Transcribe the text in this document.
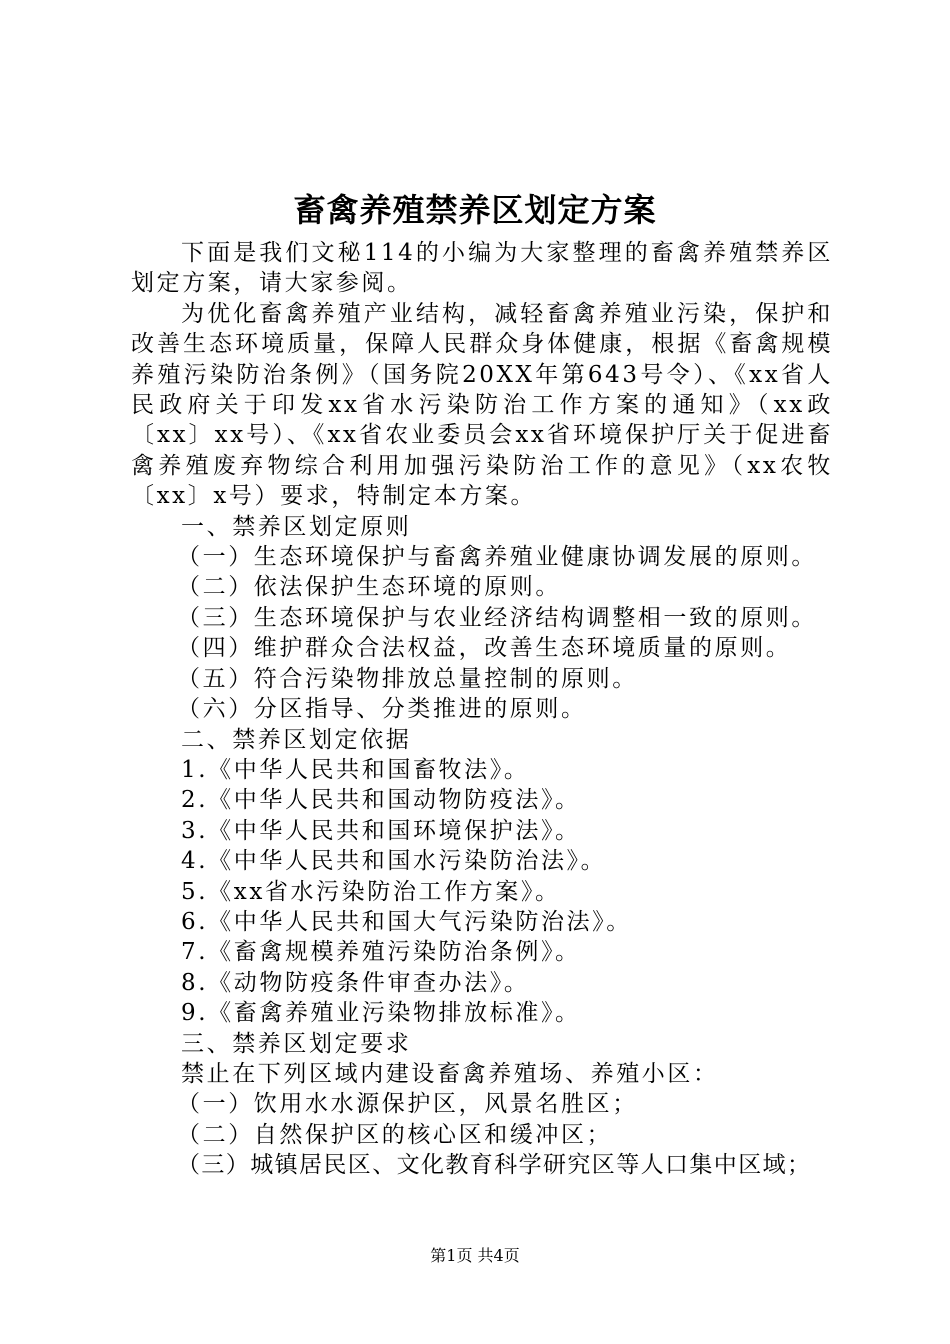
畜禽养殖禁养区划定方案

下面是我们文秘114的小编为大家整理的畜禽养殖禁养区划定方案，请大家参阅。

为优化畜禽养殖产业结构，减轻畜禽养殖业污染，保护和改善生态环境质量，保障人民群众身体健康，根据《畜禽规模养殖污染防治条例》（国务院20XX年第643号令）、《xx省人民政府关于印发xx省水污染防治工作方案的通知》（xx政〔xx〕xx号）、《xx省农业委员会xx省环境保护厅关于促进畜禽养殖废弃物综合利用加强污染防治工作的意见》（xx农牧〔xx〕x号）要求，特制定本方案。

一、禁养区划定原则

（一）生态环境保护与畜禽养殖业健康协调发展的原则。

（二）依法保护生态环境的原则。

（三）生态环境保护与农业经济结构调整相一致的原则。

（四）维护群众合法权益，改善生态环境质量的原则。

（五）符合污染物排放总量控制的原则。

（六）分区指导、分类推进的原则。

二、禁养区划定依据

1.《中华人民共和国畜牧法》。

2.《中华人民共和国动物防疫法》。

3.《中华人民共和国环境保护法》。

4.《中华人民共和国水污染防治法》。

5.《xx省水污染防治工作方案》。

6.《中华人民共和国大气污染防治法》。

7.《畜禽规模养殖污染防治条例》。

8.《动物防疫条件审查办法》。

9.《畜禽养殖业污染物排放标准》。

三、禁养区划定要求

禁止在下列区域内建设畜禽养殖场、养殖小区：

（一）饮用水水源保护区，风景名胜区；

（二）自然保护区的核心区和缓冲区；

（三）城镇居民区、文化教育科学研究区等人口集中区域；

第1页 共4页
